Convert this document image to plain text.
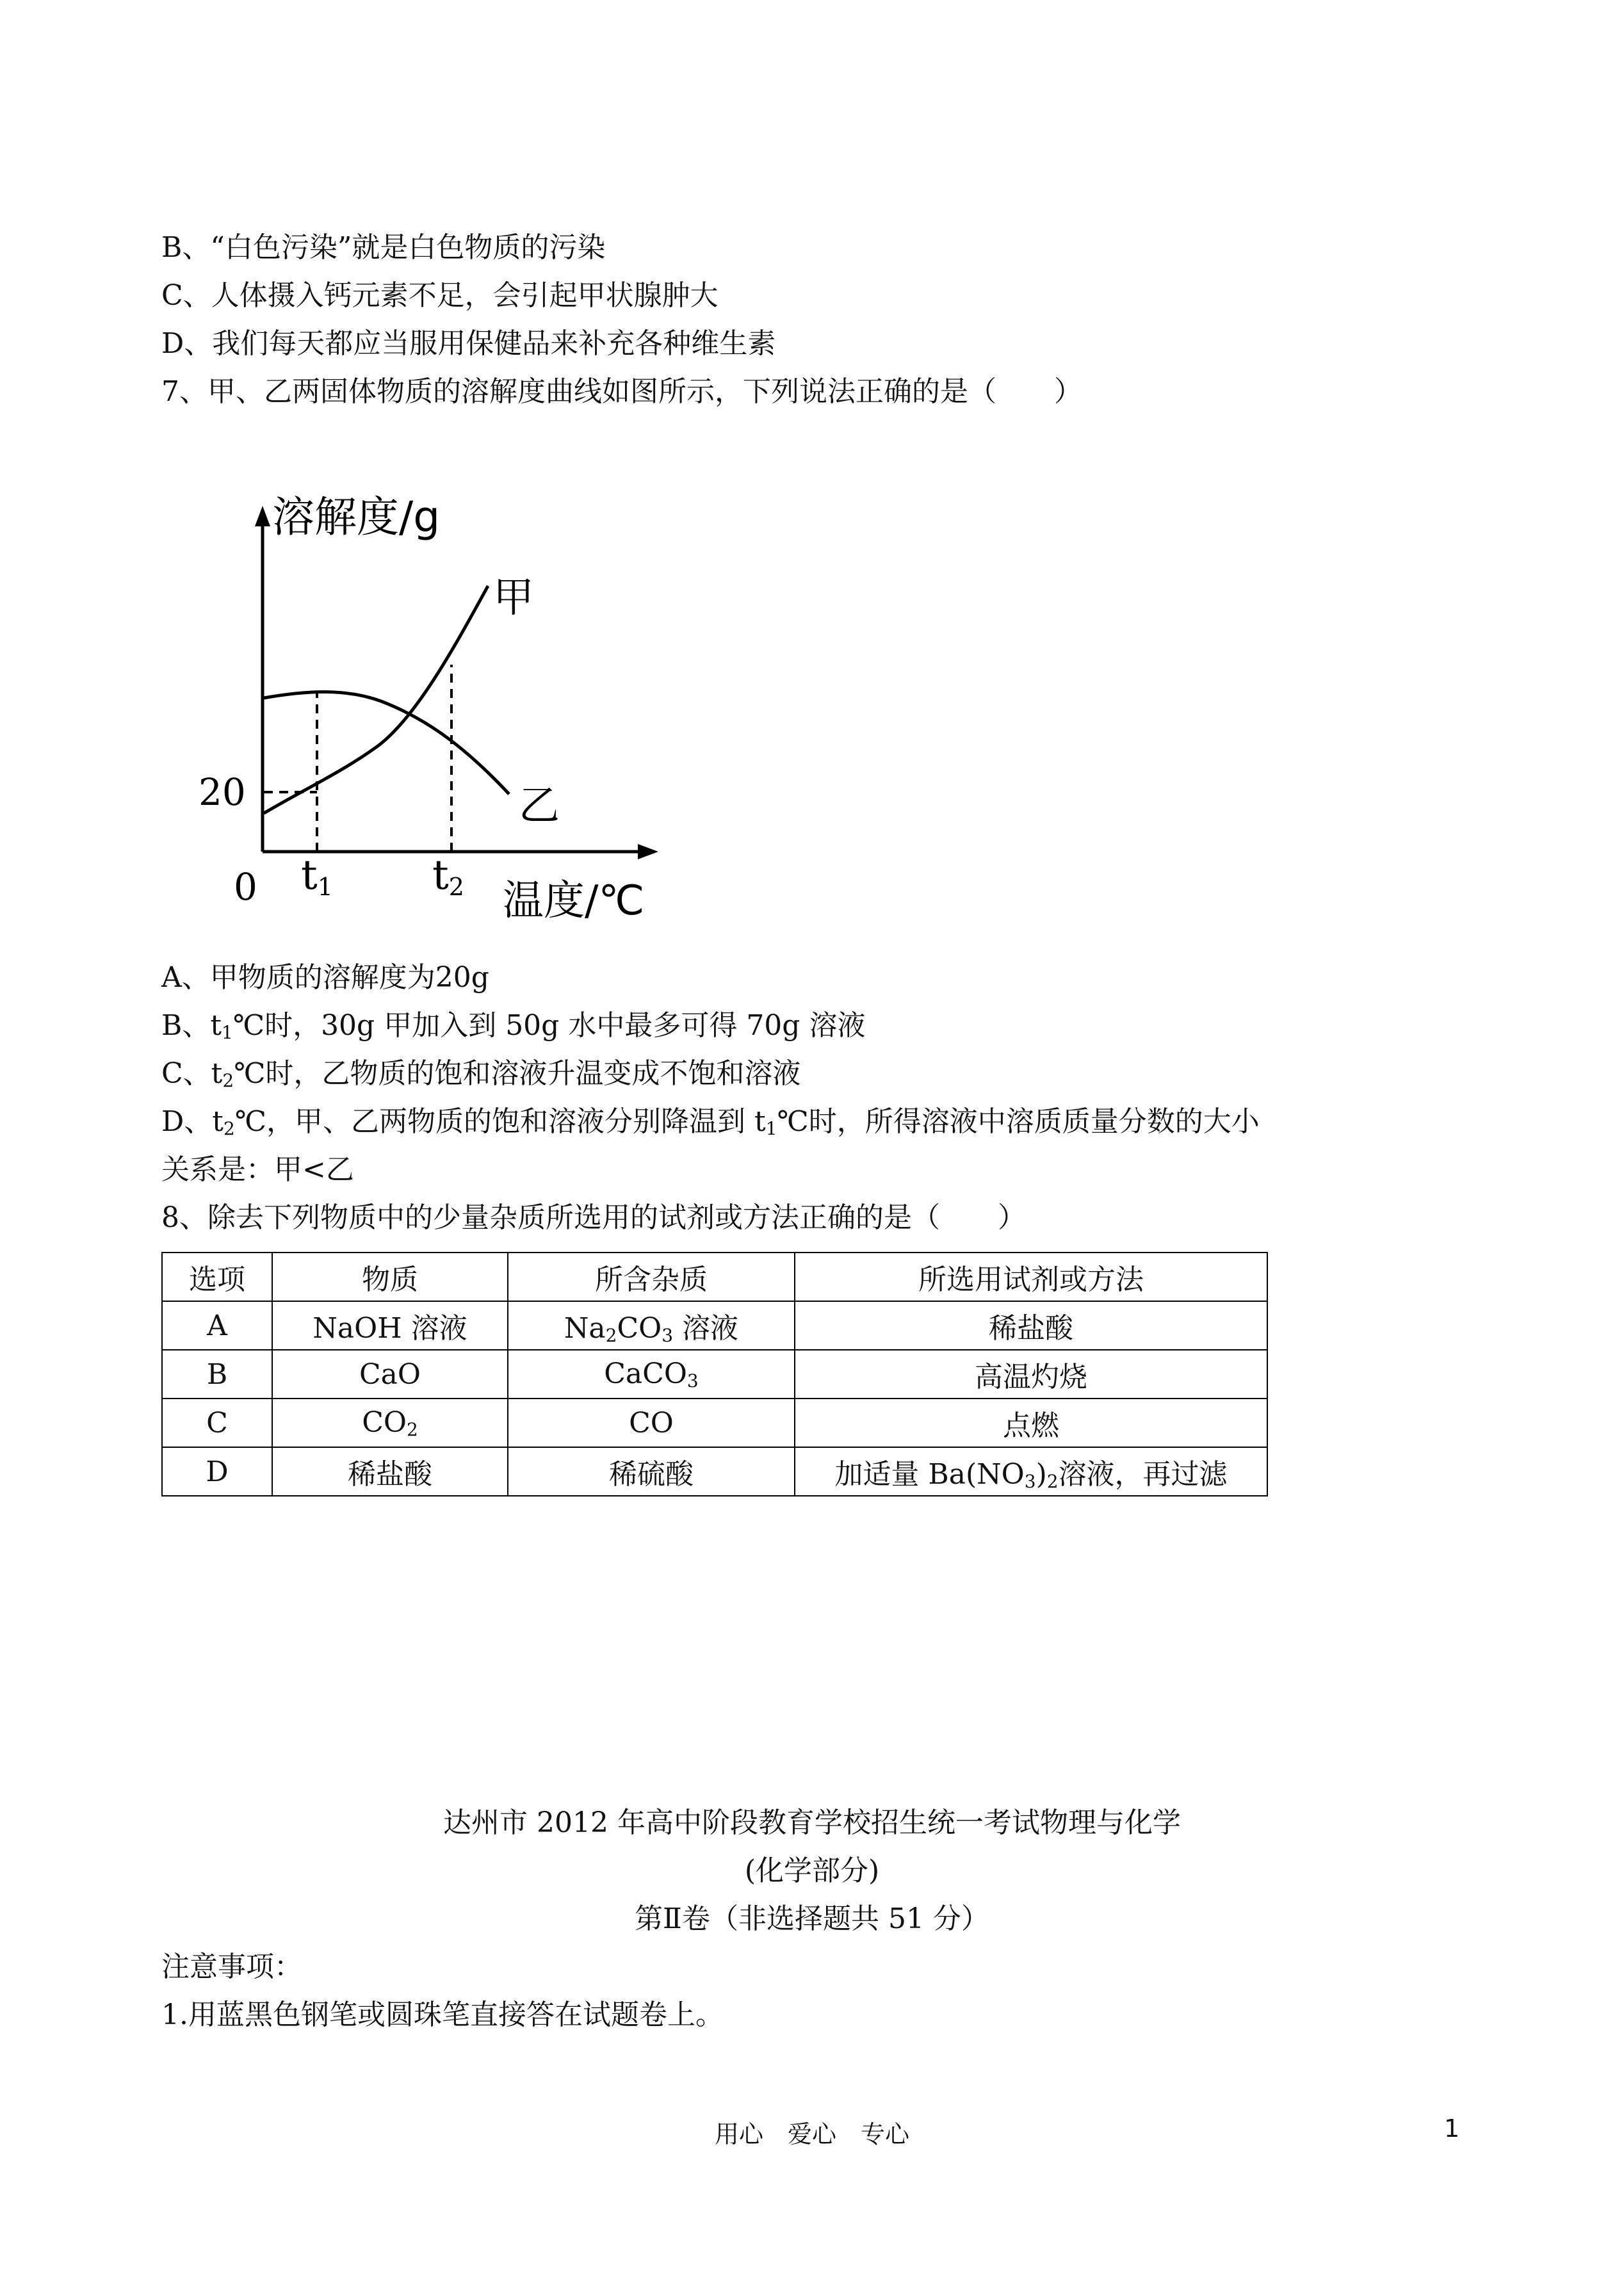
B、“白色污染”就是白色物质的污染
C、人体摄入钙元素不足，会引起甲状腺肿大
D、我们每天都应当服用保健品来补充各种维生素
7、甲、乙两固体物质的溶解度曲线如图所示，下列说法正确的是（ ）
溶解度/g
甲
乙
20
0 t1 t2 温度/℃
A、甲物质的溶解度为20g
B、$t_1℃$时，30g 甲加入到 50g 水中最多可得 70g 溶液
C、$t_2℃$时，乙物质的饱和溶液升温变成不饱和溶液
D、$t_2℃$，甲、乙两物质的饱和溶液分别降温到 $t_1℃$时，所得溶液中溶质质量分数的大小
关系是：甲<乙
8、除去下列物质中的少量杂质所选用的试剂或方法正确的是（ ）
选项	物质	所含杂质	所选用试剂或方法
A	NaOH 溶液	$Na_2CO_3$ 溶液	稀盐酸
B	CaO	CaCO$_3$	高温灼烧
C	$CO_2$	CO	点燃
D	稀盐酸	稀硫酸	加适量 $Ba(NO_3)_2$溶液，再过滤
达州市 2012 年高中阶段教育学校招生统一考试物理与化学
(化学部分)
第Ⅱ卷（非选择题共 51 分）
注意事项：
1.用蓝黑色钢笔或圆珠笔直接答在试题卷上。
用心　爱心　专心	1
